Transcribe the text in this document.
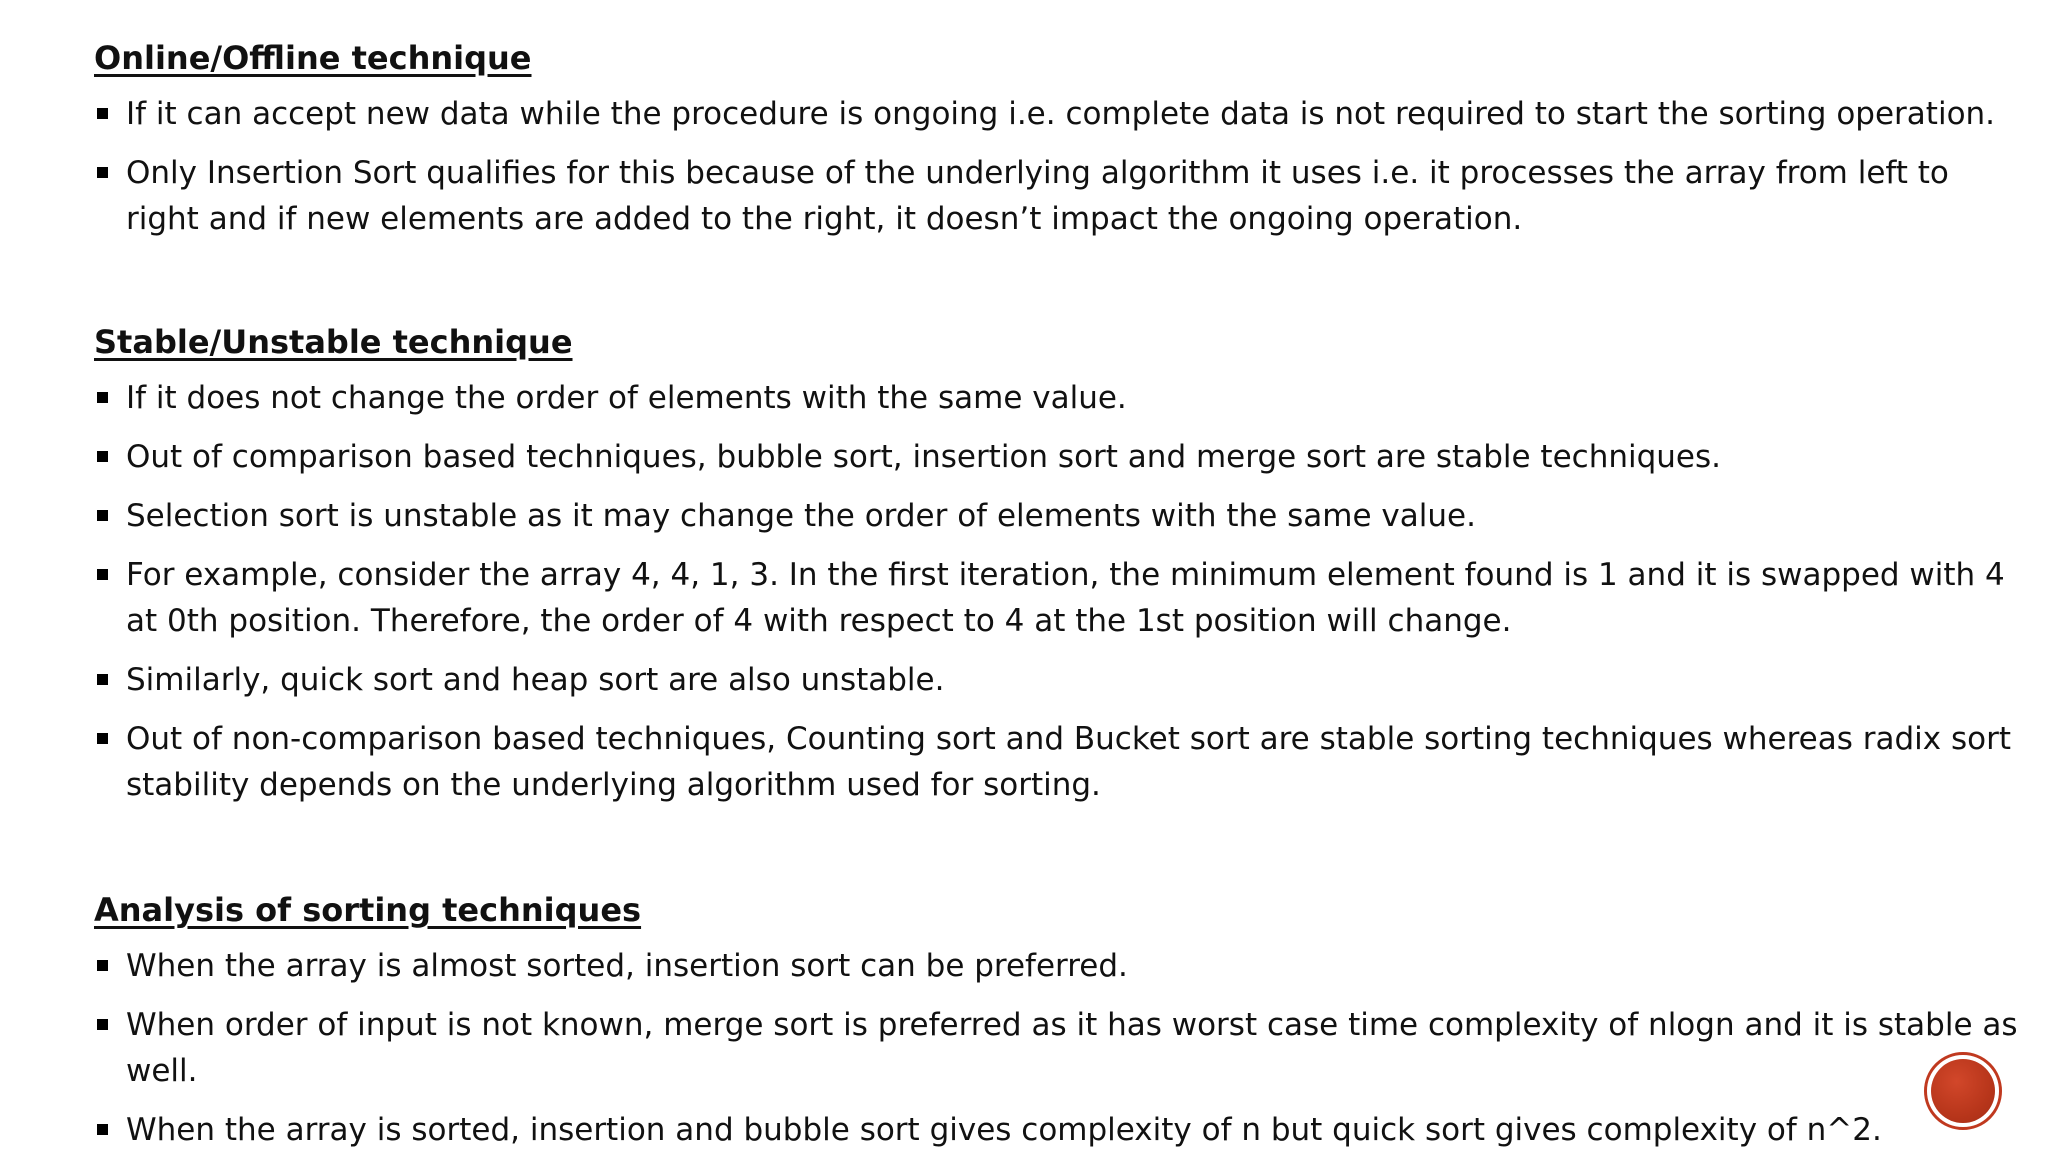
Online/Offline technique
If it can accept new data while the procedure is ongoing i.e. complete data is not required to start the sorting operation.
Only Insertion Sort qualifies for this because of the underlying algorithm it uses i.e. it processes the array from left to right and if new elements are added to the right, it doesn’t impact the ongoing operation.
Stable/Unstable technique
If it does not change the order of elements with the same value.
Out of comparison based techniques, bubble sort, insertion sort and merge sort are stable techniques.
Selection sort is unstable as it may change the order of elements with the same value.
For example, consider the array 4, 4, 1, 3. In the first iteration, the minimum element found is 1 and it is swapped with 4 at 0th position. Therefore, the order of 4 with respect to 4 at the 1st position will change.
Similarly, quick sort and heap sort are also unstable.
Out of non-comparison based techniques, Counting sort and Bucket sort are stable sorting techniques whereas radix sort stability depends on the underlying algorithm used for sorting.
Analysis of sorting techniques
When the array is almost sorted, insertion sort can be preferred.
When order of input is not known, merge sort is preferred as it has worst case time complexity of nlogn and it is stable as well.
When the array is sorted, insertion and bubble sort gives complexity of n but quick sort gives complexity of n^2.
